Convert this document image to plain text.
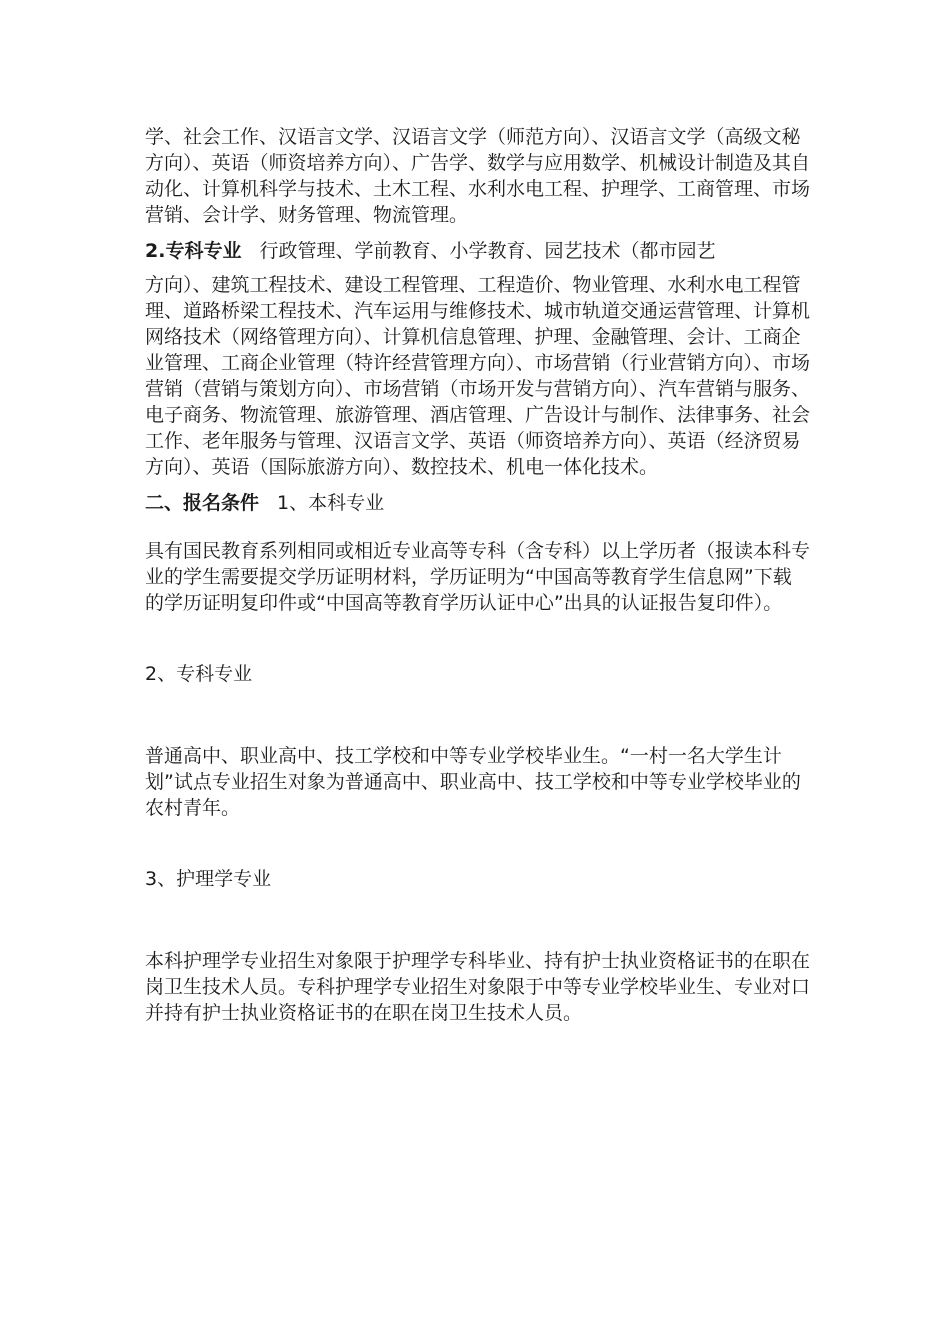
学、社会工作、汉语言文学、汉语言文学（师范方向）、汉语言文学（高级文秘方向）、英语（师资培养方向）、广告学、数学与应用数学、机械设计制造及其自动化、计算机科学与技术、土木工程、水利水电工程、护理学、工商管理、市场营销、会计学、财务管理、物流管理。

2.专科专业 行政管理、学前教育、小学教育、园艺技术（都市园艺

方向）、建筑工程技术、建设工程管理、工程造价、物业管理、水利水电工程管理、道路桥梁工程技术、汽车运用与维修技术、城市轨道交通运营管理、计算机网络技术（网络管理方向）、计算机信息管理、护理、金融管理、会计、工商企业管理、工商企业管理（特许经营管理方向）、市场营销（行业营销方向）、市场营销（营销与策划方向）、市场营销（市场开发与营销方向）、汽车营销与服务、电子商务、物流管理、旅游管理、酒店管理、广告设计与制作、法律事务、社会工作、老年服务与管理、汉语言文学、英语（师资培养方向）、英语（经济贸易方向）、英语（国际旅游方向）、数控技术、机电一体化技术。

二、报名条件 1、本科专业

具有国民教育系列相同或相近专业高等专科（含专科）以上学历者（报读本科专业的学生需要提交学历证明材料，学历证明为“中国高等教育学生信息网”下载的学历证明复印件或“中国高等教育学历认证中心”出具的认证报告复印件）。

2、专科专业

普通高中、职业高中、技工学校和中等专业学校毕业生。“一村一名大学生计划”试点专业招生对象为普通高中、职业高中、技工学校和中等专业学校毕业的农村青年。

3、护理学专业

本科护理学专业招生对象限于护理学专科毕业、持有护士执业资格证书的在职在岗卫生技术人员。专科护理学专业招生对象限于中等专业学校毕业生、专业对口并持有护士执业资格证书的在职在岗卫生技术人员。
